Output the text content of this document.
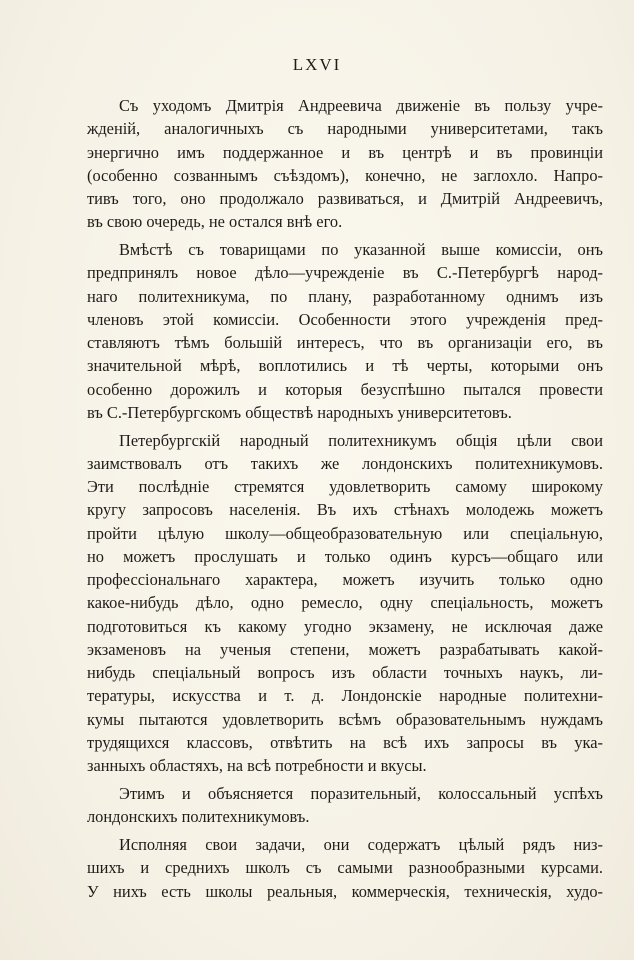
LXVI
Съ уходомъ Дмитрія Андреевича движеніе въ пользу учре-
жденій, аналогичныхъ съ народными университетами, такъ
энергично имъ поддержанное и въ центрѣ и въ провинціи
(особенно созваннымъ съѣздомъ), конечно, не заглохло. Напро-
тивъ того, оно продолжало развиваться, и Дмитрій Андреевичъ,
въ свою очередь, не остался внѣ его.
Вмѣстѣ съ товарищами по указанной выше комиссіи, онъ
предпринялъ новое дѣло—учрежденіе въ С.-Петербургѣ народ-
наго политехникума, по плану, разработанному однимъ изъ
членовъ этой комиссіи. Особенности этого учрежденія пред-
ставляютъ тѣмъ большій интересъ, что въ организаціи его, въ
значительной мѣрѣ, воплотились и тѣ черты, которыми онъ
особенно дорожилъ и которыя безуспѣшно пытался провести
въ С.-Петербургскомъ обществѣ народныхъ университетовъ.
Петербургскій народный политехникумъ общія цѣли свои
заимствовалъ отъ такихъ же лондонскихъ политехникумовъ.
Эти послѣдніе стремятся удовлетворить самому широкому
кругу запросовъ населенія. Въ ихъ стѣнахъ молодежь можетъ
пройти цѣлую школу—общеобразовательную или спеціальную,
но можетъ прослушать и только одинъ курсъ—общаго или
профессіональнаго характера, можетъ изучить только одно
какое-нибудь дѣло, одно ремесло, одну спеціальность, можетъ
подготовиться къ какому угодно экзамену, не исключая даже
экзаменовъ на ученыя степени, можетъ разрабатывать какой-
нибудь спеціальный вопросъ изъ области точныхъ наукъ, ли-
тературы, искусства и т. д. Лондонскіе народные политехни-
кумы пытаются удовлетворить всѣмъ образовательнымъ нуждамъ
трудящихся классовъ, отвѣтить на всѣ ихъ запросы въ ука-
занныхъ областяхъ, на всѣ потребности и вкусы.
Этимъ и объясняется поразительный, колоссальный успѣхъ
лондонскихъ политехникумовъ.
Исполняя свои задачи, они содержатъ цѣлый рядъ низ-
шихъ и среднихъ школъ съ самыми разнообразными курсами.
У нихъ есть школы реальныя, коммерческія, техническія, худо-
